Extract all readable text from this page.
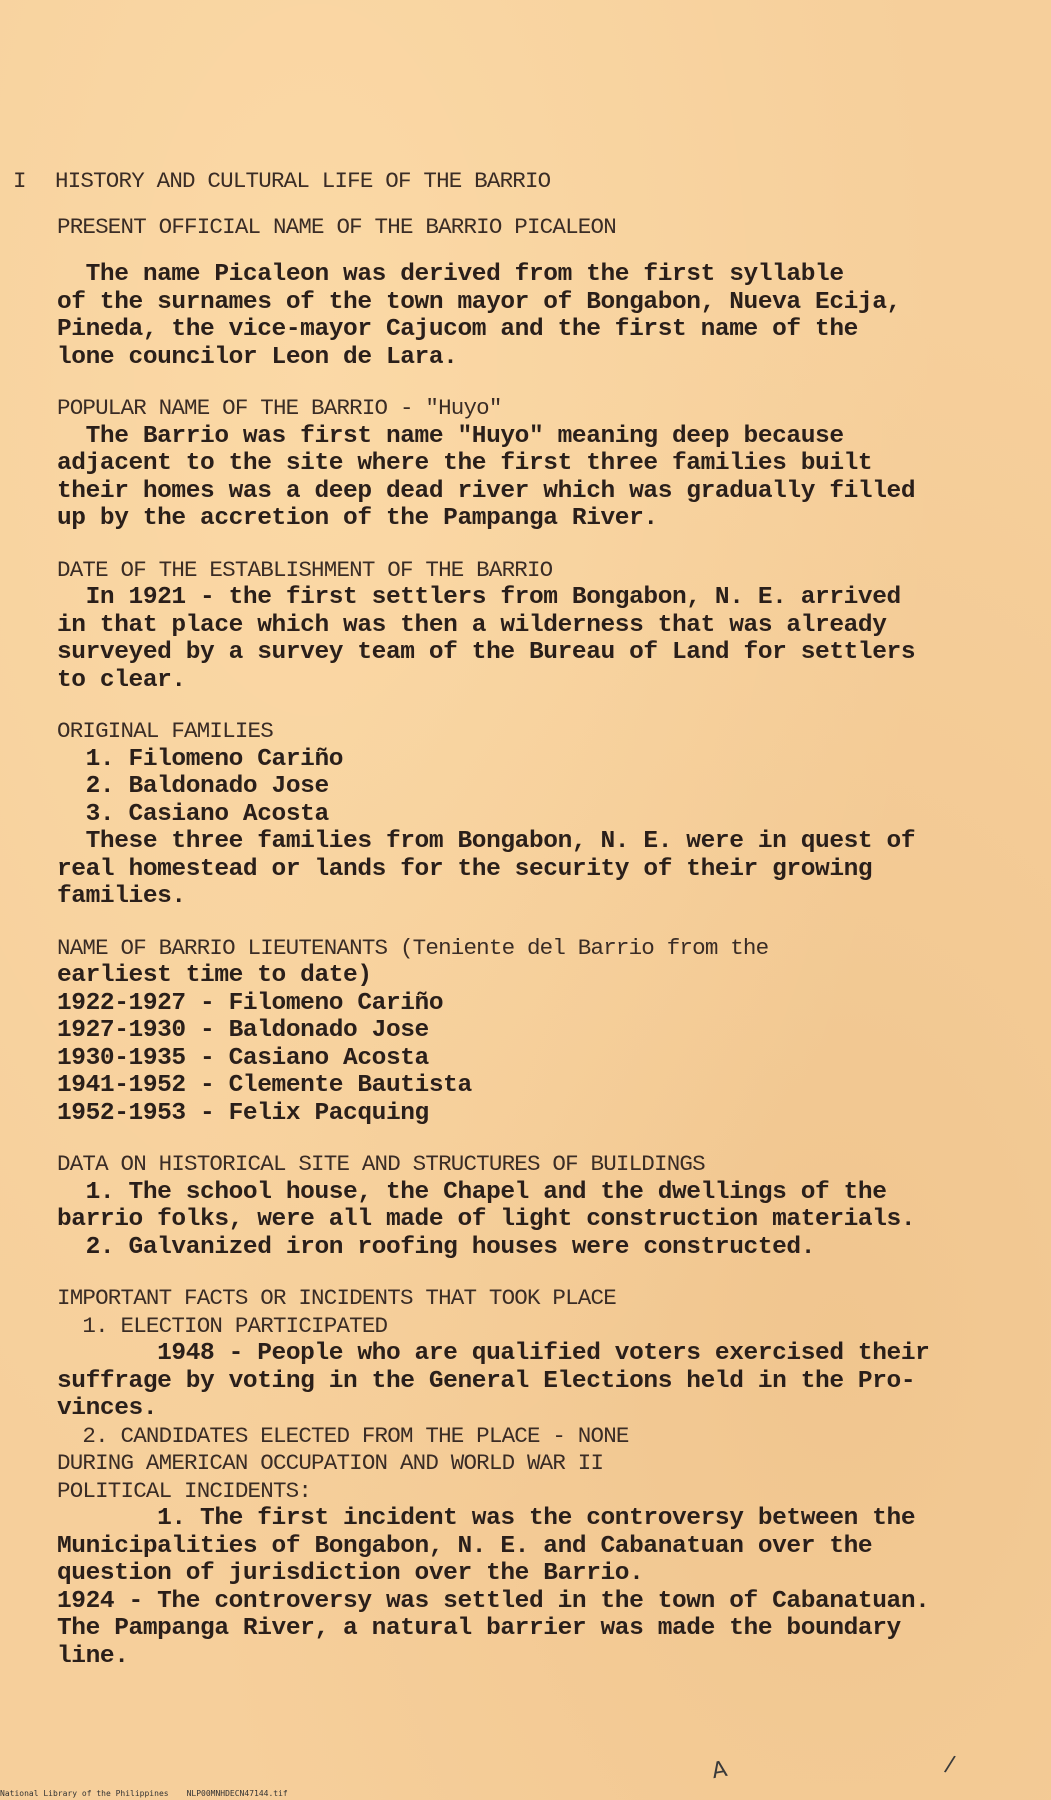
I	HISTORY AND CULTURAL LIFE OF THE BARRIO
PRESENT OFFICIAL NAME OF THE BARRIO PICALEON
The name Picaleon was derived from the first syllable
of the surnames of the town mayor of Bongabon, Nueva Ecija,
Pineda, the vice-mayor Cajucom and the first name of the
lone councilor Leon de Lara.
POPULAR NAME OF THE BARRIO - "Huyo"
The Barrio was first name "Huyo" meaning deep because
adjacent to the site where the first three families built
their homes was a deep dead river which was gradually filled
up by the accretion of the Pampanga River.
DATE OF THE ESTABLISHMENT OF THE BARRIO
In 1921 - the first settlers from Bongabon, N. E. arrived
in that place which was then a wilderness that was already
surveyed by a survey team of the Bureau of Land for settlers
to clear.
ORIGINAL FAMILIES
1. Filomeno Cariño
2. Baldonado Jose
3. Casiano Acosta
These three families from Bongabon, N. E. were in quest of
real homestead or lands for the security of their growing
families.
NAME OF BARRIO LIEUTENANTS (Teniente del Barrio from the
earliest time to date)
1922-1927 - Filomeno Cariño
1927-1930 - Baldonado Jose
1930-1935 - Casiano Acosta
1941-1952 - Clemente Bautista
1952-1953 - Felix Pacquing
DATA ON HISTORICAL SITE AND STRUCTURES OF BUILDINGS
1. The school house, the Chapel and the dwellings of the
barrio folks, were all made of light construction materials.
2. Galvanized iron roofing houses were constructed.
IMPORTANT FACTS OR INCIDENTS THAT TOOK PLACE
1. ELECTION PARTICIPATED
1948 - People who are qualified voters exercised their
suffrage by voting in the General Elections held in the Pro-
vinces.
2. CANDIDATES ELECTED FROM THE PLACE - NONE
DURING AMERICAN OCCUPATION AND WORLD WAR II
POLITICAL INCIDENTS:
1. The first incident was the controversy between the
Municipalities of Bongabon, N. E. and Cabanatuan over the
question of jurisdiction over the Barrio.
1924 - The controversy was settled in the town of Cabanatuan.
The Pampanga River, a natural barrier was made the boundary
line.
A	/
National Library of the Philippines NLP00MNHDECN47144.tif
